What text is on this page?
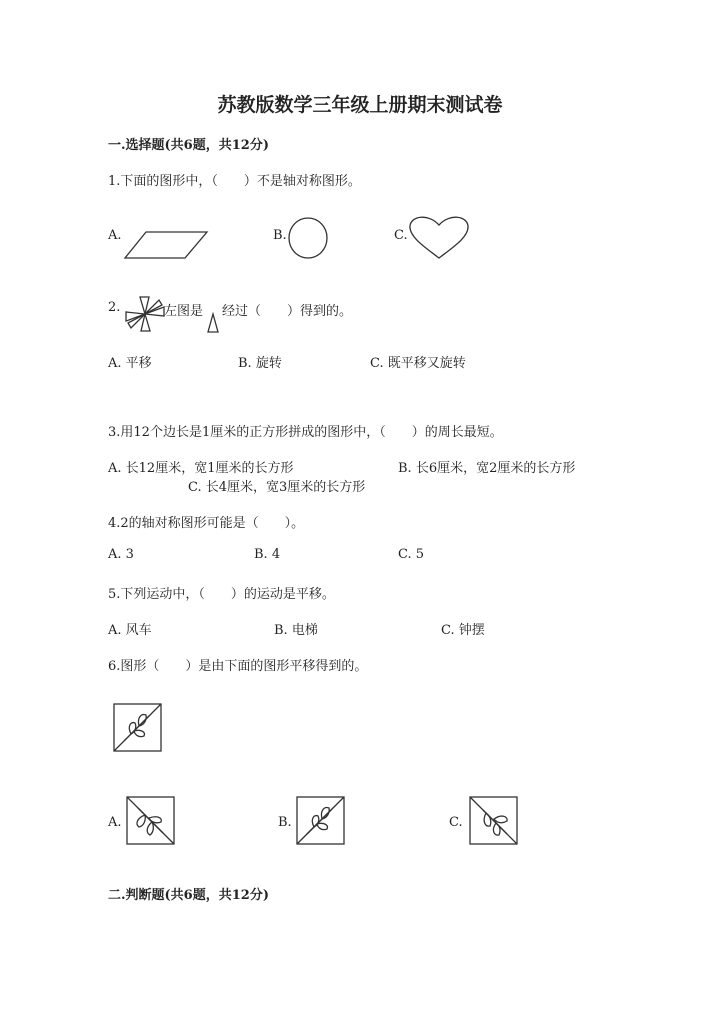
苏教版数学三年级上册期末测试卷
一.选择题(共6题，共12分)
1.下面的图形中，（　　）不是轴对称图形。
A.	B.	C.
2.	左图是 经过（　　）得到的。
A. 平移	B. 旋转	C. 既平移又旋转
3.用12个边长是1厘米的正方形拼成的图形中，（　　）的周长最短。
A. 长12厘米，宽1厘米的长方形	B. 长6厘米，宽2厘米的长方形
C. 长4厘米，宽3厘米的长方形
4.2的轴对称图形可能是（　　）。
A. 3	B. 4	C. 5
5.下列运动中，（　　）的运动是平移。
A. 风车	B. 电梯	C. 钟摆
6.图形（　　）是由下面的图形平移得到的。
A.	B.	C.
二.判断题(共6题，共12分)
